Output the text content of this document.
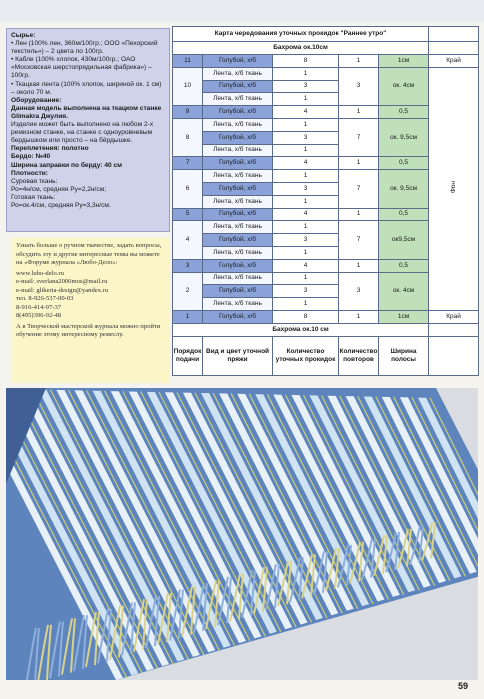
Сырье:
• Лен (100% лен, 360м/100гр.; ООО «Пехорский текстиль») – 2 цвета по 100гр.
• Кабле (100% хлопок, 430м/100гр.; ОАО «Московская шерстопрядильная фабрика») – 100гр.
• Ткацкая лента (100% хлопок, шириной ок. 1 см) – около 70 м.
Оборудование:
Данная модель выполнена на ткацком станке Glimakra Джулия.
Изделие может быть выполнено на любом 2-х ремизном станке, на станке с одноуровневым бердышком или просто – на бёрдышке.
Переплетения: полотно
Бердо: №40
Ширина заправки по берду: 40 см
Плотности:
Суровая ткань:
Ро=4н/см, средняя Ру=2,2н/см;
Готовая ткань:
Ро=ок.4/см, средняя Ру=3,3н/см.
Узнать больше о ручном ткачестве, задать вопросы, обсудить эту и другие интересные темы вы можете на «Форуме журнала «Любо-Дело»:
www.lubo-delo.ru
e-mail: sverlana2006mos@mail.ru
e-mail: glikeria-design@yandex.ru
тел. 8-926-537-00-03
8-916-414-97-37
8(495)396-92-48
А в Творческой мастерской журнала можно пройти обучение этому интересному ремеслу.
Карта чередования уточных прокидок "Раннее утро"					
Бахрома ок.10см					
11	Голубой, х/б	8	1	1см	Край
10	Лента, х/б ткань	1	3	ок. 4см	Фон
	Голубой, х/б	3			
	Лента, х/б ткань	1			
9	Голубой, х/б	4	1	0,5	
8	Лента, х/б ткань	1	7	ок. 9,5см	
	Голубой, х/б	3			
	Лента, х/б ткань	1			
7	Голубой, х/б	4	1	0,5	
6	Лента, х/б ткань	1	7	ок. 9,5см	
	Голубой, х/б	3			
	Лента, х/б ткань	1			
5	Голубой, х/б	4	1	0,5	
4	Лента, х/б ткань	1	7	ок9,5см	
	Голубой, х/б	3			
	Лента, х/б ткань	1			
3	Голубой, х/б	4	1	0,5	
2	Лента, х/б ткань	1	3	ок. 4см	
	Голубой, х/б	3			
	Лента, х/б ткань	1			
1	Голубой, х/б	8	1	1см	Край
Бахрома ок.10 см					
Порядок подачи	Вид и цвет уточной пряжи	Количество уточных прокидок	Количество повторов	Ширина полосы	
59
